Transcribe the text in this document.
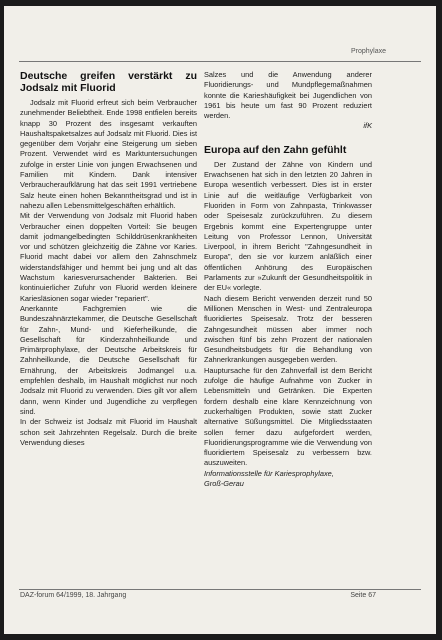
Prophylaxe
Deutsche greifen verstärkt zu Jodsalz mit Fluorid

Jodsalz mit Fluorid erfreut sich beim Verbraucher zunehmender Beliebtheit. Ende 1998 entfielen bereits knapp 30 Prozent des insgesamt verkauften Haushaltspaketsalzes auf Jodsalz mit Fluorid. Dies ist gegenüber dem Vorjahr eine Steigerung um sieben Prozent. Verwendet wird es Marktuntersuchungen zufolge in erster Linie von jungen Erwachsenen und Familien mit Kindern. Dank intensiver Verbraucheraufklärung hat das seit 1991 vertriebene Salz heute einen hohen Bekanntheitsgrad und ist in nahezu allen Lebensmittelgeschäften erhältlich.

Mit der Verwendung von Jodsalz mit Fluorid haben Verbraucher einen doppelten Vorteil: Sie beugen damit jodmangelbedingten Schilddrüsenkrankheiten vor und schützen gleichzeitig die Zähne vor Karies. Fluorid macht dabei vor allem den Zahnschmelz widerstandsfähiger und hemmt bei jung und alt das Wachstum kariesverursachender Bakterien. Bei kontinuierlicher Zufuhr von Fluorid werden kleinere Kariesläsionen sogar wieder "repariert".

Anerkannte Fachgremien wie die Bundeszahnärztekammer, die Deutsche Gesellschaft für Zahn-, Mund- und Kieferheilkunde, die Gesellschaft für Kinderzahnheilkunde und Primärprophylaxe, der Deutsche Arbeitskreis für Zahnheilkunde, die Deutsche Gesellschaft für Ernährung, der Arbeitskreis Jodmangel u.a. empfehlen deshalb, im Haushalt möglichst nur noch Jodsalz mit Fluorid zu verwenden. Dies gilt vor allem dann, wenn Kinder und Jugendliche zu verpflegen sind.

In der Schweiz ist Jodsalz mit Fluorid im Haushalt schon seit Jahrzehnten Regelsalz. Durch die breite Verwendung dieses

Salzes und die Anwendung anderer Fluoridierungs- und Mundpflegemaßnahmen konnte die Karieshäufigkeit bei Jugendlichen von 1961 bis heute um fast 90 Prozent reduziert werden.

ifK

Europa auf den Zahn gefühlt

Der Zustand der Zähne von Kindern und Erwachsenen hat sich in den letzten 20 Jahren in Europa wesentlich verbessert. Dies ist in erster Linie auf die weitläufige Verfügbarkeit von Fluoriden in Form von Zahnpasta, Trinkwasser oder Speisesalz zurückzuführen. Zu diesem Ergebnis kommt eine Expertengruppe unter Leitung von Professor Lennon, Universität Liverpool, in ihrem Bericht "Zahngesundheit in Europa", den sie vor kurzem anläßlich einer öffentlichen Anhörung des Europäischen Parlaments zur »Zukunft der Gesundheitspolitik in der EU« vorlegte.

Nach diesem Bericht verwenden derzeit rund 50 Millionen Menschen in West- und Zentraleuropa fluoridiertes Speisesalz. Trotz der besseren Zahngesundheit müssen aber immer noch zwischen fünf bis zehn Prozent der nationalen Gesundheitsbudgets für die Behandlung von Zahnerkrankungen ausgegeben werden.

Hauptursache für den Zahnverfall ist dem Bericht zufolge die häufige Aufnahme von Zucker in Lebensmitteln und Getränken. Die Experten fordern deshalb eine klare Kennzeichnung von zuckerhaltigen Produkten, sowie statt Zucker alternative Süßungsmittel. Die Mitgliedsstaaten sollen ferner dazu aufgefordert werden, Fluoridierungsprogramme wie die Verwendung von fluoridiertem Speisesalz zu verbessern bzw. auszuweiten.

Informationsstelle für Kariesprophylaxe,

Groß-Gerau

DAZ-forum 64/1999, 18. Jahrgang	Seite 67
